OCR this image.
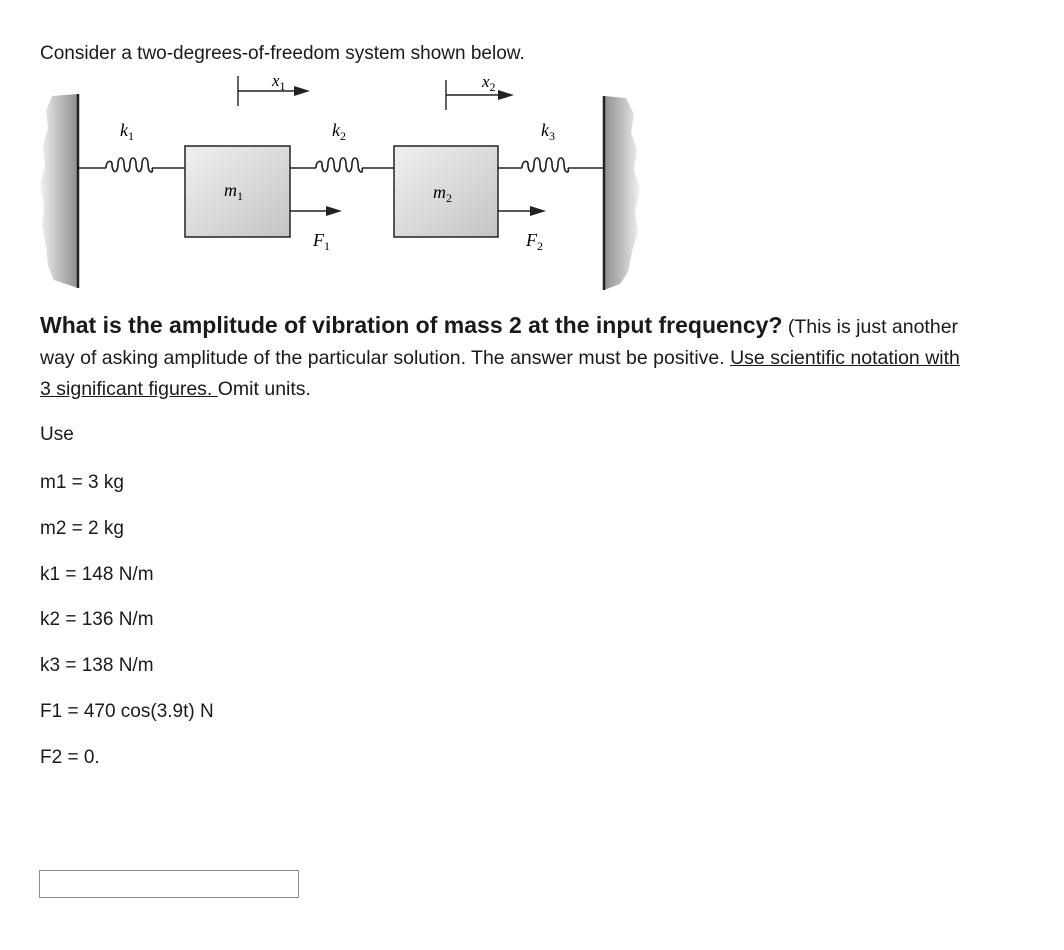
Consider a two-degrees-of-freedom system shown below.

$x_1$	$x_2$
$k_1$	$k_2$	$k_3$
$m_1$	$m_2$
$F_1$	$F_2$

What is the amplitude of vibration of mass 2 at the input frequency? (This is just another way of asking amplitude of the particular solution. The answer must be positive. Use scientific notation with 3 significant figures. Omit units.

Use

m1 = 3 kg
m2 = 2 kg
k1 = 148 N/m
k2 = 136 N/m
k3 = 138 N/m
F1 = 470 cos(3.9t) N
F2 = 0.
